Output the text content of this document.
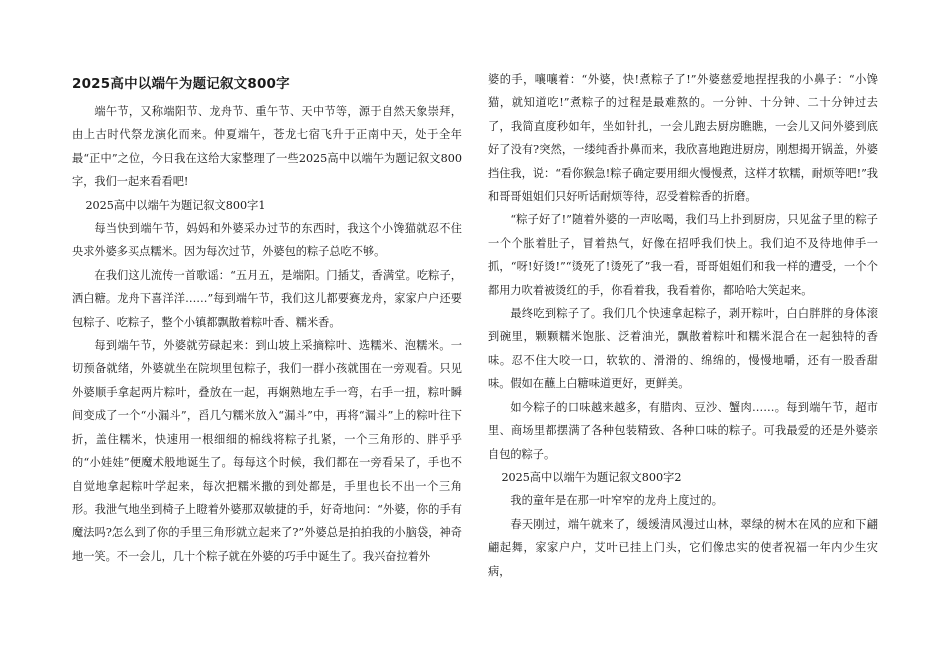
2025高中以端午为题记叙文800字

端午节，又称端阳节、龙舟节、重午节、天中节等，源于自然天象崇拜，由上古时代祭龙演化而来。仲夏端午，苍龙七宿飞升于正南中天，处于全年最“正中”之位，今日我在这给大家整理了一些2025高中以端午为题记叙文800字，我们一起来看看吧!

2025高中以端午为题记叙文800字1

每当快到端午节，妈妈和外婆采办过节的东西时，我这个小馋猫就忍不住央求外婆多买点糯米。因为每次过节，外婆包的粽子总吃不够。

在我们这儿流传一首歌谣：“五月五，是端阳。门插艾，香满堂。吃粽子，洒白糖。龙舟下喜洋洋……”每到端午节，我们这儿都要赛龙舟，家家户户还要包粽子、吃粽子，整个小镇都飘散着粽叶香、糯米香。

每到端午节，外婆就劳碌起来：到山坡上采摘粽叶、选糯米、泡糯米。一切预备就绪，外婆就坐在院坝里包粽子，我们一群小孩就围在一旁观看。只见外婆顺手拿起两片粽叶，叠放在一起，再娴熟地左手一弯，右手一扭，粽叶瞬间变成了一个“小漏斗”，舀几勺糯米放入“漏斗”中，再将“漏斗”上的粽叶往下折，盖住糯米，快速用一根细细的棉线将粽子扎紧，一个三角形的、胖乎乎的“小娃娃”便魔术般地诞生了。每每这个时候，我们都在一旁看呆了，手也不自觉地拿起粽叶学起来，每次把糯米撒的到处都是，手里也长不出一个三角形。我泄气地坐到椅子上瞪着外婆那双敏捷的手，好奇地问：“外婆，你的手有魔法吗?怎么到了你的手里三角形就立起来了?”外婆总是拍拍我的小脑袋，神奇地一笑。不一会儿，几十个粽子就在外婆的巧手中诞生了。我兴奋拉着外

婆的手，嚷嚷着：“外婆，快!煮粽子了!”外婆慈爱地捏捏我的小鼻子：“小馋猫，就知道吃!”煮粽子的过程是最难熬的。一分钟、十分钟、二十分钟过去了，我简直度秒如年，坐如针扎，一会儿跑去厨房瞧瞧，一会儿又问外婆到底好了没有?突然，一缕纯香扑鼻而来，我欣喜地跑进厨房，刚想揭开锅盖，外婆挡住我，说：“看你猴急!粽子确定要用细火慢慢煮，这样才软糯，耐烦等吧!”我和哥哥姐姐们只好听话耐烦等待，忍受着粽香的折磨。

“粽子好了!”随着外婆的一声吆喝，我们马上扑到厨房，只见盆子里的粽子一个个胀着肚子，冒着热气，好像在招呼我们快上。我们迫不及待地伸手一抓，“呀!好烫!”“烫死了!烫死了”我一看，哥哥姐姐们和我一样的遭受，一个个都用力吹着被烫红的手，你看着我，我看着你，都哈哈大笑起来。

最终吃到粽子了。我们几个快速拿起粽子，剥开粽叶，白白胖胖的身体滚到碗里，颗颗糯米饱胀、泛着油光，飘散着粽叶和糯米混合在一起独特的香味。忍不住大咬一口，软软的、滑滑的、绵绵的，慢慢地嚼，还有一股香甜味。假如在蘸上白糖味道更好，更鲜美。

如今粽子的口味越来越多，有腊肉、豆沙、蟹肉……。每到端午节，超市里、商场里都摆满了各种包装精致、各种口味的粽子。可我最爱的还是外婆亲自包的粽子。

2025高中以端午为题记叙文800字2

我的童年是在那一叶窄窄的龙舟上度过的。

春天刚过，端午就来了，缓缓清风漫过山林，翠绿的树木在风的应和下翩翩起舞，家家户户，艾叶已挂上门头，它们像忠实的使者祝福一年内少生灾病，
